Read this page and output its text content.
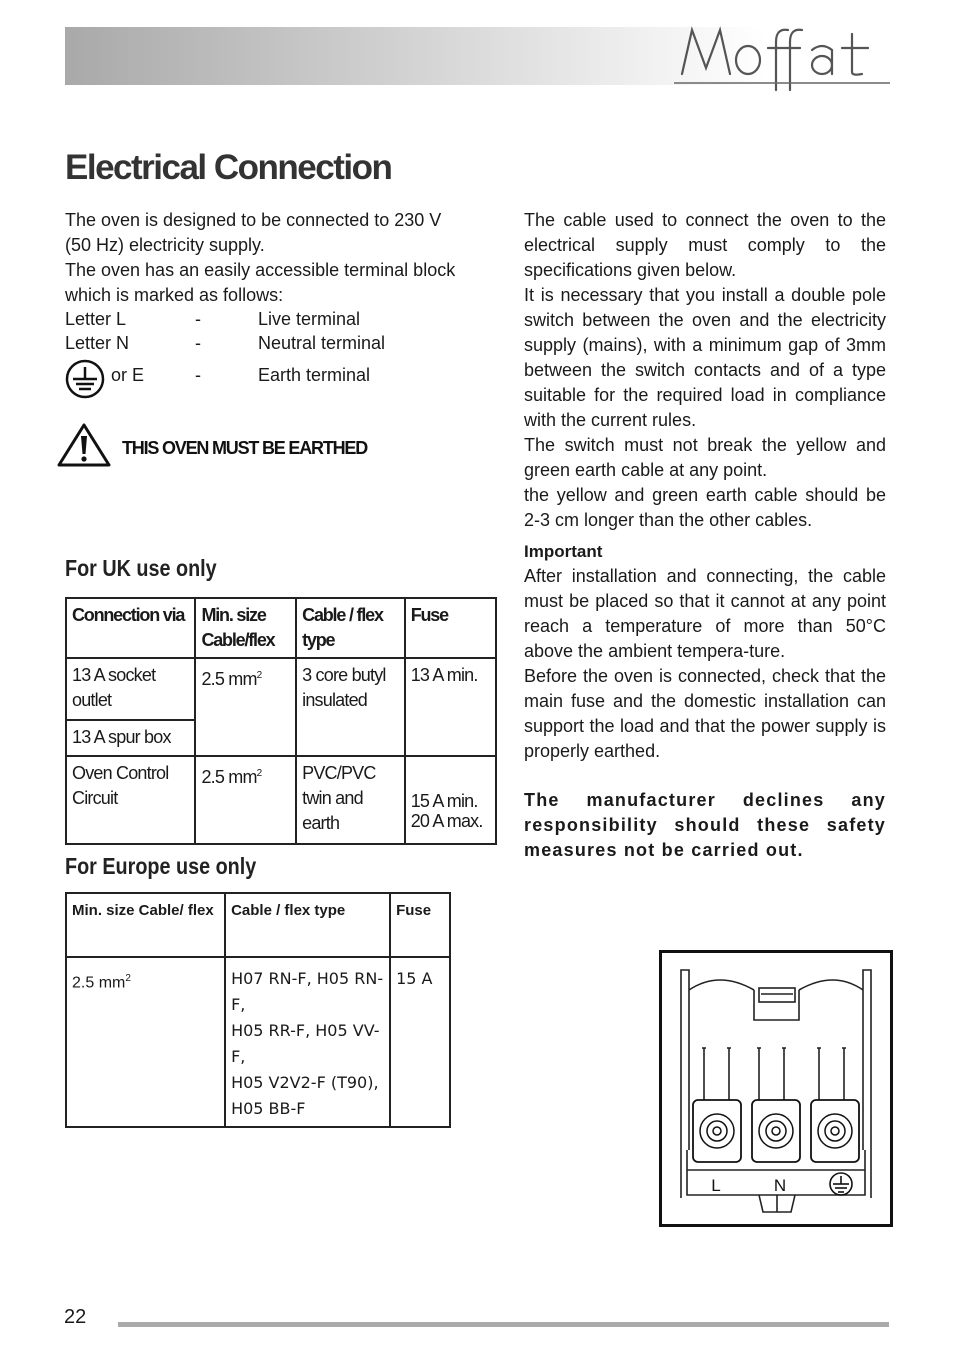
Electrical Connection
The oven is designed to be connected to 230 V (50 Hz) electricity supply.
The oven has an easily accessible terminal block which is marked as follows:
Letter L	-	Live terminal
Letter N	-	Neutral terminal
or E	-	Earth terminal
THIS OVEN MUST BE EARTHED
For UK use only
Connection via	Min. size Cable/flex	Cable / flex type	Fuse
13 A socket outlet	2.5 $mm^2$	3 core butyl insulated	13 A min.
13 A spur box			
Oven Control Circuit	2.5 $mm^2$	PVC/PVC twin and earth	15 A min.
20 A max.
For Europe use only
Min. size Cable/ flex	Cable / flex type	Fuse
2.5 $mm^2$	H07 RN-F, H05 RN-F,
H05 RR-F, H05 VV-F,
H05 V2V2-F (T90),
H05 BB-F	15 A
The cable used to connect the oven to the electrical supply must comply to the specifications given below.
It is necessary that you install a double pole switch between the oven and the electricity supply (mains), with a minimum gap of 3mm between the switch contacts and of a type suitable for the required load in compliance with the current rules.
The switch must not break the yellow and green earth cable at any point.
the yellow and green earth cable should be 2-3 cm longer than the other cables.
Important
After installation and connecting, the cable must be placed so that it cannot at any point reach a temperature of more than 50°C above the ambient tempera-ture.
Before the oven is connected, check that the main fuse and the domestic installation can support the load and that the power supply is properly earthed.
The manufacturer declines any responsibility should these safety measures not be carried out.
L	N
22
